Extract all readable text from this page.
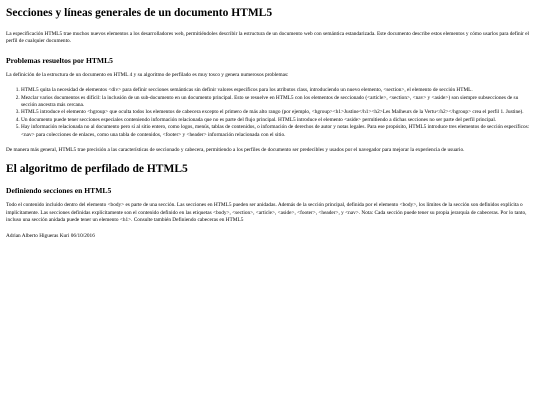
Secciones y líneas generales de un documento HTML5

La especificación HTML5 trae muchos nuevos elementos a los desarrolladores web, permitiéndoles describir la estructura de un documento web con semántica estandarizada. Este documento describe estos elementos y cómo usarlos para definir el perfil de cualquier documento.

Problemas resueltos por HTML5

La definición de la estructura de un documento en HTML 4 y su algoritmo de perfilado es muy tosco y genera numerosos problemas:

1. HTML5 quita la necesidad de elementos <div> para definir secciones semánticas sin definir valores específicos para los atributos class, introduciendo un nuevo elemento, <section>, el elemento de sección HTML.
2. Mezclar varios documentos es difícil: la inclusión de un sub-documento en un documento principal. Esto se resuelve en HTML5 con los elementos de seccionado (<article>, <section>, <nav> y <aside>) son siempre subsecciones de su sección ancestra más cercana.
3. HTML5 introduce el elemento <hgroup> que oculta todos los elementos de cabecera excepto el primero de más alto rango (por ejemplo, <hgroup><h1>Justine</h1><h2>Les Malheurs de la Vertu</h2></hgroup> crea el perfil 1. Justine).
4. Un documento puede tener secciones especiales conteniendo información relacionada que no es parte del flujo principal. HTML5 introduce el elemento <aside> permitiendo a dichas secciones no ser parte del perfil principal.
5. Hay información relacionada no al documento pero sí al sitio entero, como logos, menús, tablas de contenidos, o información de derechos de autor y notas legales. Para ese propósito, HTML5 introduce tres elementos de sección específicos: <nav> para colecciones de enlaces, como una tabla de contenidos, <footer> y <header> información relacionada con el sitio.

De manera más general, HTML5 trae precisión a las características de seccionado y cabecera, permitiendo a los perfiles de documento ser predecibles y usados por el navegador para mejorar la experiencia de usuario.

El algoritmo de perfilado de HTML5
Definiendo secciones en HTML5

Todo el contenido incluido dentro del elemento <body> es parte de una sección. Las secciones en HTML5 pueden ser anidadas. Además de la sección principal, definida por el elemento <body>, los límites de la sección son definidos explícita o implícitamente. Las secciones definidas explícitamente son el contenido definido en las etiquetas <body>, <section>, <article>, <aside>, <footer>, <header>, y <nav>. Nota: Cada sección puede tener su propia jerarquía de cabeceras. Por lo tanto, incluso una sección anidada puede tener un elemento <h1>. Consulte también Definiendo cabeceras en HTML5

Adrian Alberto Higueras Kuri 06/10/2016
